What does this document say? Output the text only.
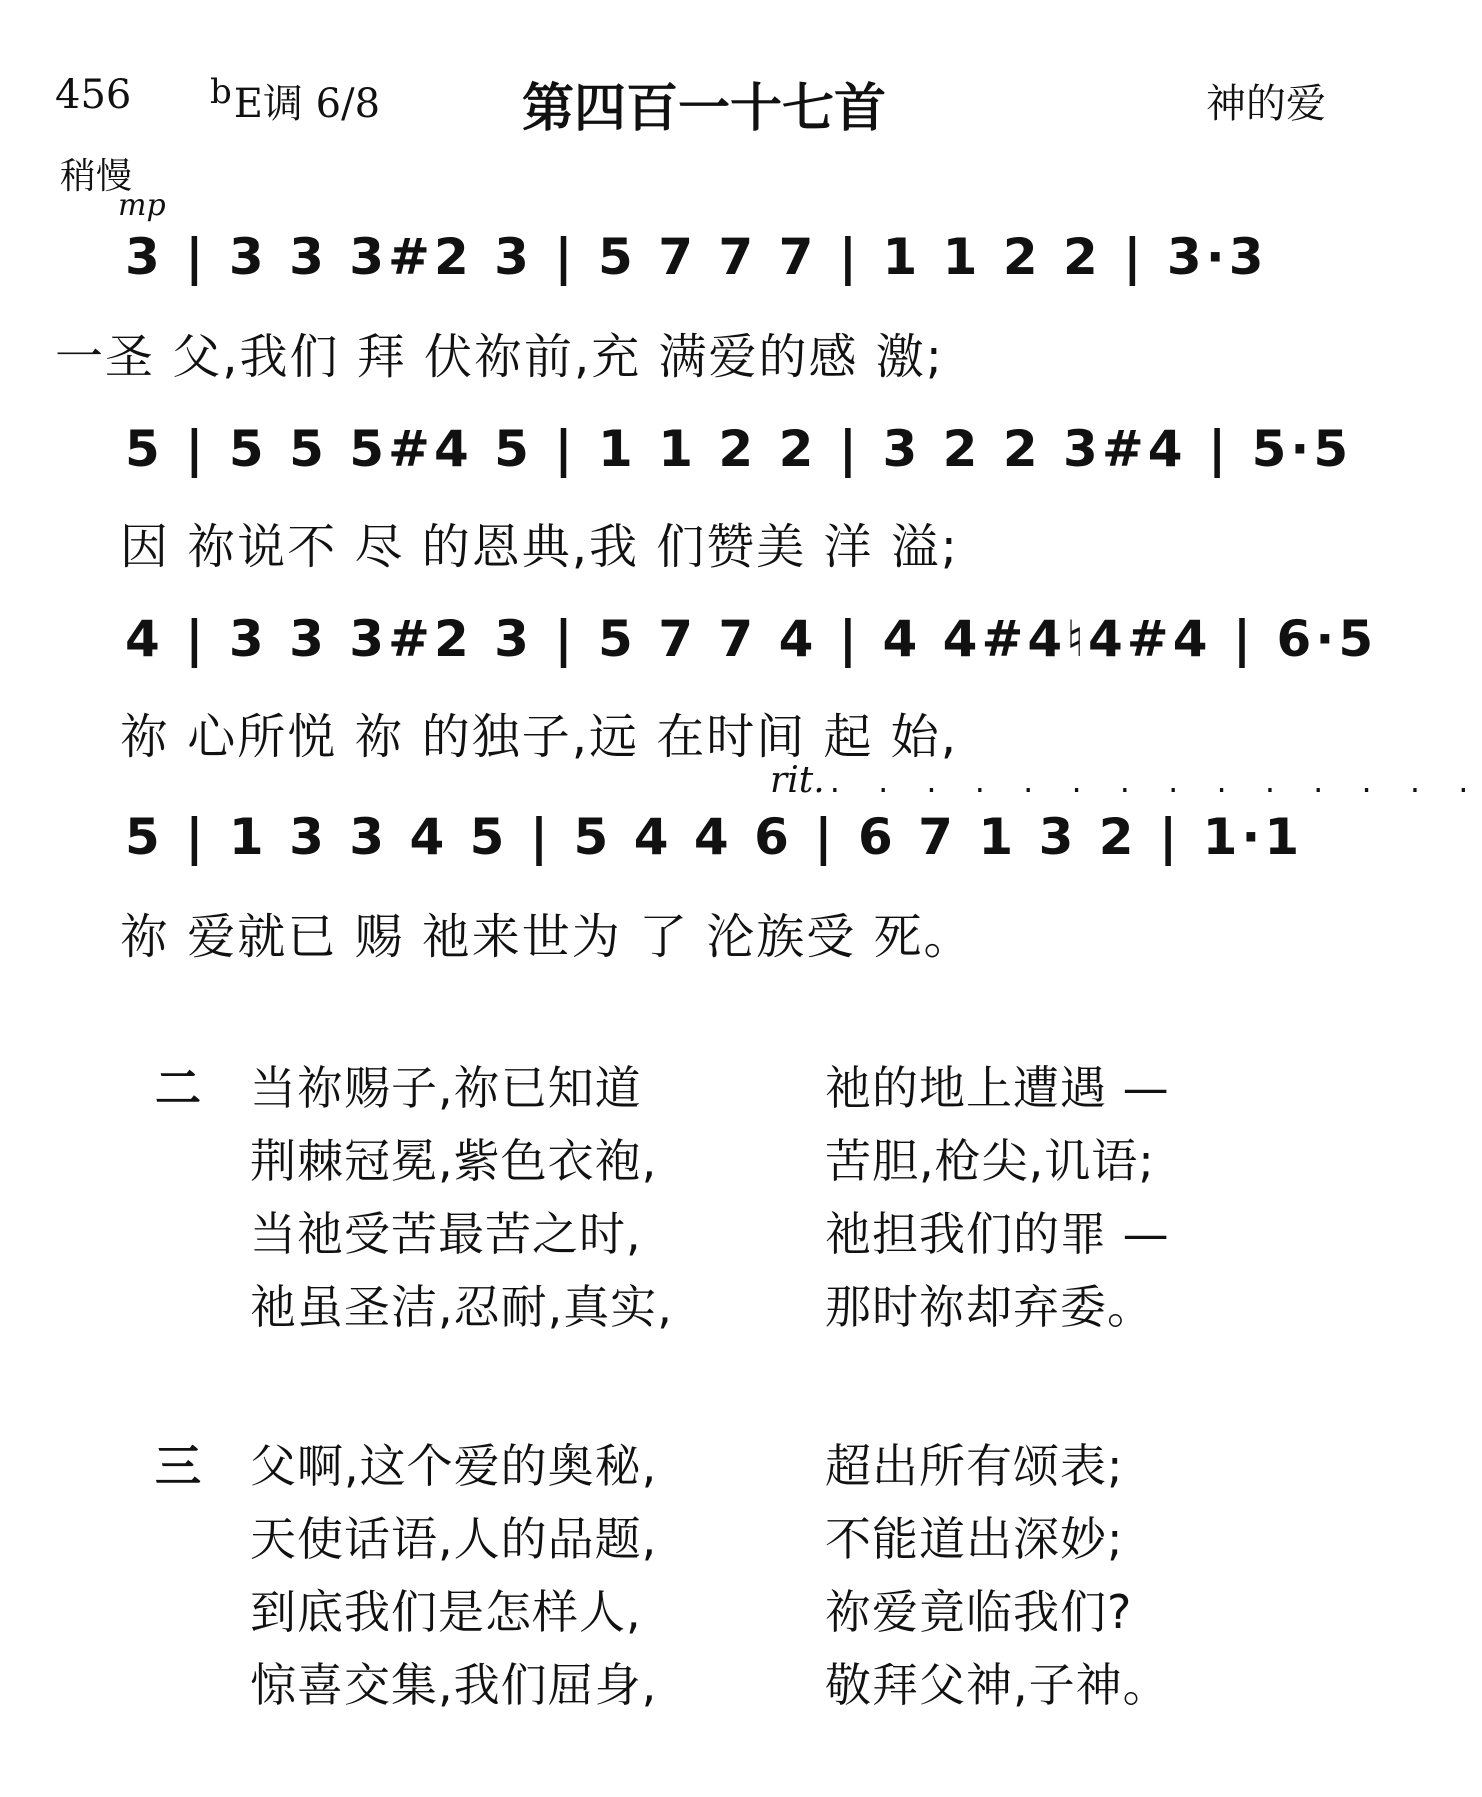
456 $^b$E调 6/8	第四百一十七首	神的爱
稍慢
mp
3 | 3 3 3#2 3 | 5 7 7 7 | 1 1 2 2 | 3·3
一圣 父,我们 拜 伏祢前,充 满爱的感 激;
5 | 5 5 5#4 5 | 1 1 2 2 | 3 2 2 3#4 | 5·5
因 祢说不 尽 的恩典,我 们赞美 洋 溢;
4 | 3 3 3#2 3 | 5 7 7 4 | 4 4#4♮4#4 | 6·5
祢 心所悦 祢 的独子,远 在时间 起 始,
rit. . . . . . . . . . . . . . .
5 | 1 3 3 4 5 | 5 4 4 6 | 6 7 1 3 2 | 1·1
祢 爱就已 赐 祂来世为 了 沦族受 死。
二 当祢赐子,祢已知道	祂的地上遭遇 —
荆棘冠冕,紫色衣袍,	苦胆,枪尖,讥语;
当祂受苦最苦之时,	祂担我们的罪 —
祂虽圣洁,忍耐,真实,	那时祢却弃委。
三 父啊,这个爱的奥秘,	超出所有颂表;
天使话语,人的品题,	不能道出深妙;
到底我们是怎样人,	祢爱竟临我们?
惊喜交集,我们屈身,	敬拜父神,子神。
